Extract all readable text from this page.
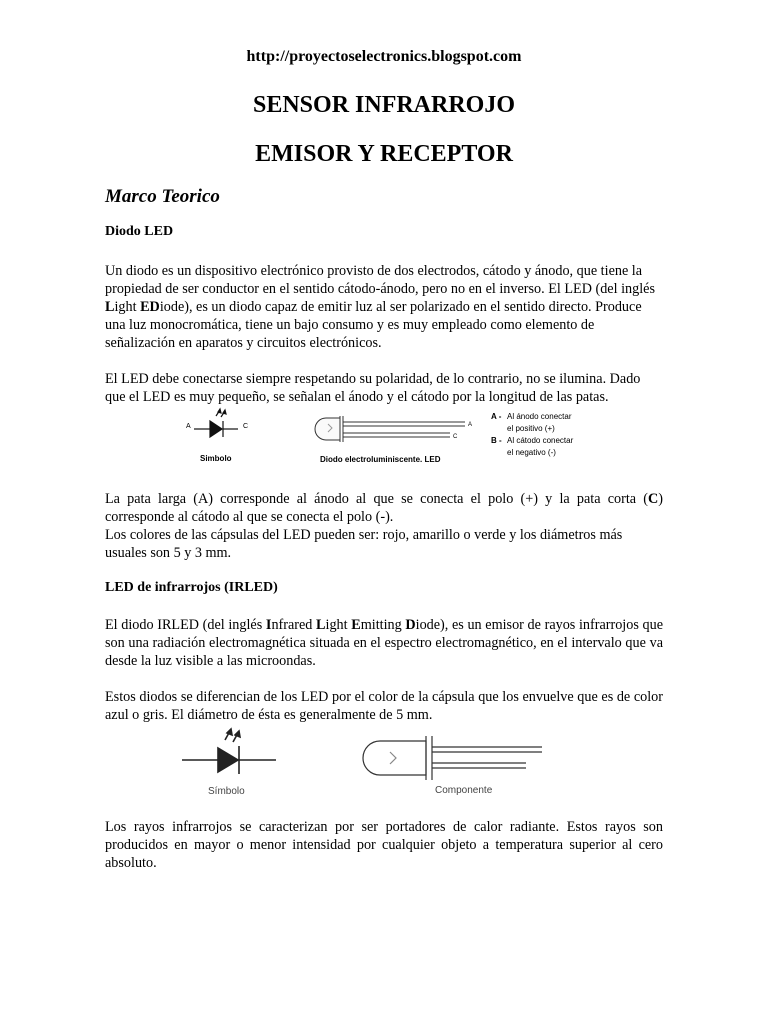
http://proyectoselectronics.blogspot.com
SENSOR INFRARROJO
EMISOR Y RECEPTOR
Marco Teorico
Diodo LED

Un diodo es un dispositivo electrónico provisto de dos electrodos, cátodo y ánodo, que tiene la propiedad de ser conductor en el sentido cátodo-ánodo, pero no en el inverso. El LED (del inglés Light EDiode), es un diodo capaz de emitir luz al ser polarizado en el sentido directo. Produce una luz monocromática, tiene un bajo consumo y es muy empleado como elemento de señalización en aparatos y circuitos electrónicos.

El LED debe conectarse siempre respetando su polaridad, de lo contrario, no se ilumina. Dado que el LED es muy pequeño, se señalan el ánodo y el cátodo por la longitud de las patas.

A	C
Simbolo
A
C
Diodo electroluminiscente. LED
A - Al ánodo conectar
el positivo (+)
B - Al cátodo conectar
el negativo (-)

La pata larga (A) corresponde al ánodo al que se conecta el polo (+) y la pata corta (C) corresponde al cátodo al que se conecta el polo (-).

Los colores de las cápsulas del LED pueden ser: rojo, amarillo o verde y los diámetros más usuales son 5 y 3 mm.

LED de infrarrojos (IRLED)

El diodo IRLED (del inglés Infrared Light Emitting Diode), es un emisor de rayos infrarrojos que son una radiación electromagnética situada en el espectro electromagnético, en el intervalo que va desde la luz visible a las microondas.

Estos diodos se diferencian de los LED por el color de la cápsula que los envuelve que es de color azul o gris. El diámetro de ésta es generalmente de 5 mm.

Símbolo	Componente

Los rayos infrarrojos se caracterizan por ser portadores de calor radiante. Estos rayos son producidos en mayor o menor intensidad por cualquier objeto a temperatura superior al cero absoluto.
